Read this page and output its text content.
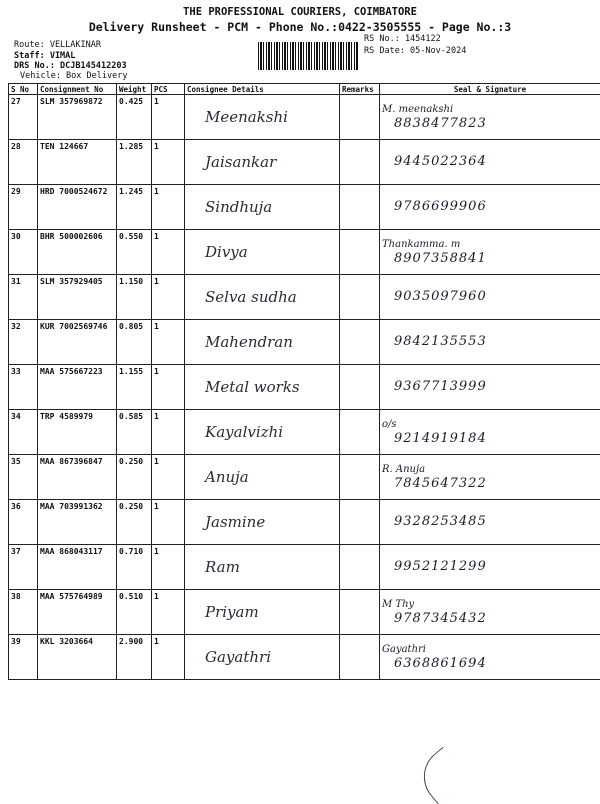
THE PROFESSIONAL COURIERS, COIMBATORE
Delivery Runsheet - PCM - Phone No.:0422-3505555 - Page No.:3
Route: VELLAKINAR
Staff: VIMAL
DRS No.: DCJB145412203
Vehicle: Box Delivery
RS No.: 1454122
RS Date: 05-Nov-2024
S No	Consignment No	Weight	PCS	Consignee Details	Remarks	Seal & Signature
27	SLM 357969872	0.425	1	Meenakshi		M. meenakshi
8838477823

28	TEN 124667	1.285	1	Jaisankar		9445022364

29	HRD 7000524672	1.245	1	Sindhuja		9786699906

30	BHR 500002606	0.550	1	Divya		Thankamma. m
8907358841

31	SLM 357929405	1.150	1	Selva sudha		9035097960

32	KUR 7002569746	0.805	1	Mahendran		9842135553

33	MAA 575667223	1.155	1	Metal works		9367713999

34	TRP 4589979	0.585	1	Kayalvizhi		o/s
9214919184

35	MAA 867396847	0.250	1	Anuja		R. Anuja
7845647322

36	MAA 703991362	0.250	1	Jasmine		9328253485

37	MAA 868043117	0.710	1	Ram		9952121299

38	MAA 575764989	0.510	1	Priyam		M Thy
9787345432

39	KKL 3203664	2.900	1	Gayathri		Gayathri
6368861694
